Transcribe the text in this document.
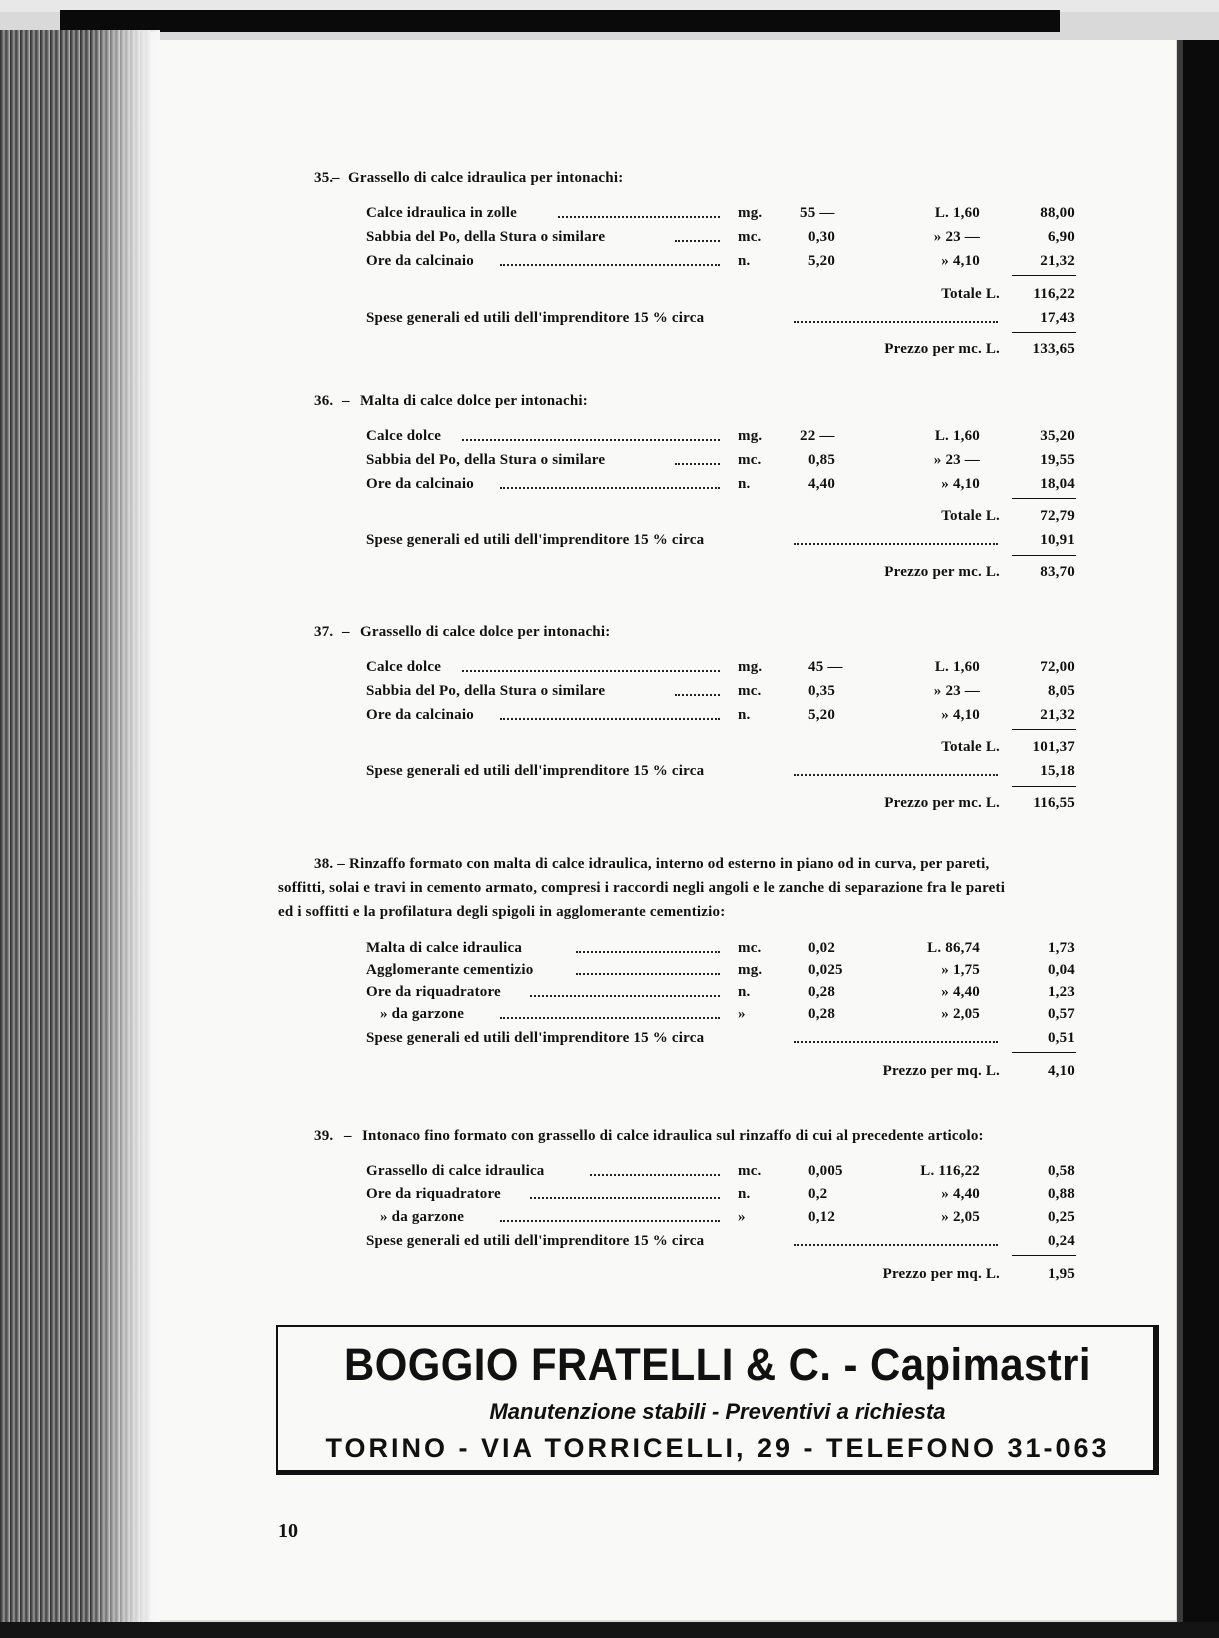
35.
– Grassello di calce idraulica per intonachi:
Calce idraulica in zolle	mg.	55 —	L. 1,60	88,00
Sabbia del Po, della Stura o similare	mc.	0,30	» 23 —	6,90
Ore da calcinaio	n.	5,20	» 4,10	21,32
Totale L.	116,22
Spese generali ed utili dell'imprenditore 15 % circa	17,43
Prezzo per mc. L.	133,65
36. – Malta di calce dolce per intonachi:
Calce dolce	mg.	22 —	L. 1,60	35,20
Sabbia del Po, della Stura o similare	mc.	0,85	» 23 —	19,55
Ore da calcinaio	n.	4,40	» 4,10	18,04
Totale L.	72,79
Spese generali ed utili dell'imprenditore 15 % circa	10,91
Prezzo per mc. L.	83,70
37. – Grassello di calce dolce per intonachi:
Calce dolce	mg.	45 —	L. 1,60	72,00
Sabbia del Po, della Stura o similare	mc.	0,35	» 23 —	8,05
Ore da calcinaio	n.	5,20	» 4,10	21,32
Totale L.	101,37
Spese generali ed utili dell'imprenditore 15 % circa	15,18
Prezzo per mc. L.	116,55
38. – Rinzaffo formato con malta di calce idraulica, interno od esterno in piano od in curva, per pareti,
soffitti, solai e travi in cemento armato, compresi i raccordi negli angoli e le zanche di separazione fra le pareti
ed i soffitti e la profilatura degli spigoli in agglomerante cementizio:
Malta di calce idraulica	mc.	0,02	L. 86,74	1,73
Agglomerante cementizio	mg.	0,025	» 1,75	0,04
Ore da riquadratore	n.	0,28	» 4,40	1,23
» da garzone	»	0,28	» 2,05	0,57
Spese generali ed utili dell'imprenditore 15 % circa	0,51
Prezzo per mq. L.	4,10
39. – Intonaco fino formato con grassello di calce idraulica sul rinzaffo di cui al precedente articolo:
Grassello di calce idraulica	mc.	0,005	L. 116,22	0,58
Ore da riquadratore	n.	0,2	» 4,40	0,88
» da garzone	»	0,12	» 2,05	0,25
Spese generali ed utili dell'imprenditore 15 % circa	0,24
Prezzo per mq. L.	1,95
BOGGIO FRATELLI & C. - Capimastri
Manutenzione stabili - Preventivi a richiesta
TORINO - VIA TORRICELLI, 29 - TELEFONO 31-063
10
